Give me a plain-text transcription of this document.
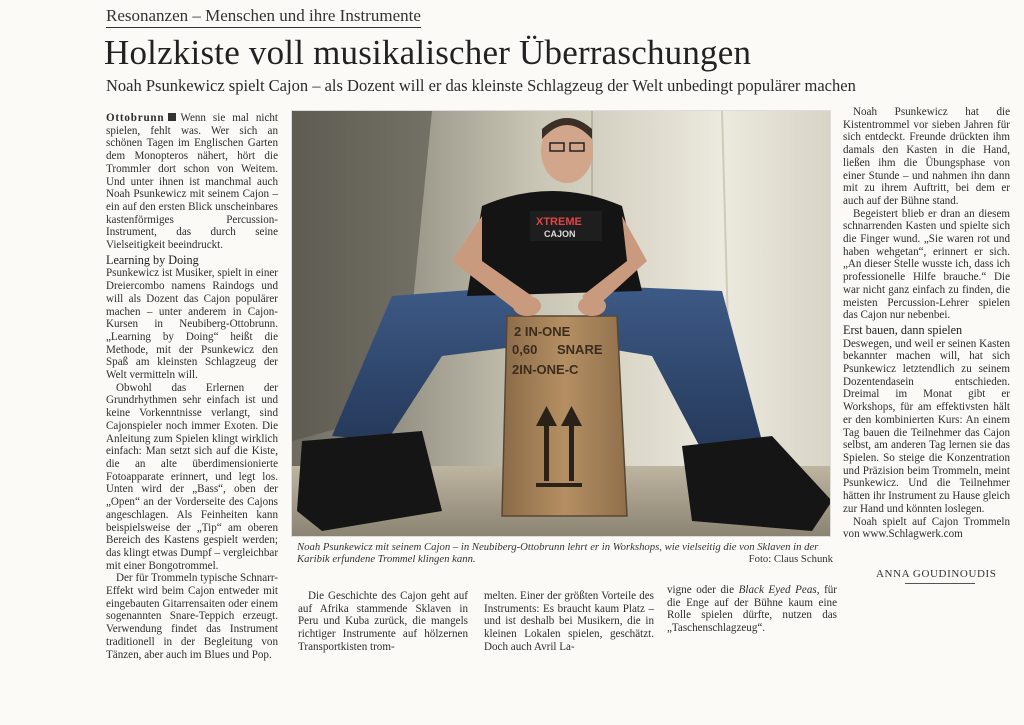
Resonanzen – Menschen und ihre Instrumente
Holzkiste voll musikalischer Überraschungen
Noah Psunkewicz spielt Cajon – als Dozent will er das kleinste Schlagzeug der Welt unbedingt populärer machen

Ottobrunn Wenn sie mal nicht spielen, fehlt was. Wer sich an schönen Tagen im Englischen Garten dem Monopteros nähert, hört die Trommler dort schon von Weitem. Und unter ihnen ist manchmal auch Noah Psunkewicz mit seinem Cajon – ein auf den ersten Blick unscheinbares kastenförmiges Percussion-Instrument, das durch seine Vielseitigkeit beeindruckt.

Learning by Doing

Psunkewicz ist Musiker, spielt in einer Dreiercombo namens Raindogs und will als Dozent das Cajon populärer machen – unter anderem in Cajon-Kursen in Neubiberg-Ottobrunn. „Learning by Doing“ heißt die Methode, mit der Psunkewicz den Spaß am kleinsten Schlagzeug der Welt vermitteln will.

Obwohl das Erlernen der Grundrhythmen sehr einfach ist und keine Vorkenntnisse verlangt, sind Cajonspieler noch immer Exoten. Die Anleitung zum Spielen klingt wirklich einfach: Man setzt sich auf die Kiste, die an alte überdimensionierte Fotoapparate erinnert, und legt los. Unten wird der „Bass“, oben der „Open“ an der Vorderseite des Cajons angeschlagen. Als Feinheiten kann beispielsweise der „Tip“ am oberen Bereich des Kastens gespielt werden; das klingt etwas Dumpf – vergleichbar mit einer Bongotrommel.

Der für Trommeln typische Schnarr-Effekt wird beim Cajon entweder mit eingebauten Gitarrensaiten oder einem sogenannten Snare-Teppich erzeugt. Verwendung findet das Instrument traditionell in der Begleitung von Tänzen, aber auch im Blues und Pop.

XTREME
CAJON
2 IN-ONE
SNARE
0,60
2IN-ONE-C
Noah Psunkewicz mit seinem Cajon – in Neubiberg-Ottobrunn lehrt er in Workshops, wie vielseitig die von Sklaven in der Karibik erfundene Trommel klingen kann.	Foto: Claus Schunk

Die Geschichte des Cajon geht auf auf Afrika stammende Sklaven in Peru und Kuba zurück, die mangels richtiger Instrumente auf hölzernen Transportkisten trom-

melten. Einer der größten Vorteile des Instruments: Es braucht kaum Platz – und ist deshalb bei Musikern, die in kleinen Lokalen spielen, geschätzt. Doch auch Avril La-

vigne oder die Black Eyed Peas, für die Enge auf der Bühne kaum eine Rolle spielen dürfte, nutzen das „Taschenschlagzeug“.

Noah Psunkewicz hat die Kistentrommel vor sieben Jahren für sich entdeckt. Freunde drückten ihm damals den Kasten in die Hand, ließen ihm die Übungsphase von einer Stunde – und nahmen ihn dann mit zu ihrem Auftritt, bei dem er auch auf der Bühne stand.

Begeistert blieb er dran an diesem schnarrenden Kasten und spielte sich die Finger wund. „Sie waren rot und haben wehgetan“, erinnert er sich. „An dieser Stelle wusste ich, dass ich professionelle Hilfe brauche.“ Die war nicht ganz einfach zu finden, die meisten Percussion-Lehrer spielen das Cajon nur nebenbei.

Erst bauen, dann spielen

Deswegen, und weil er seinen Kasten bekannter machen will, hat sich Psunkewicz letztendlich zu seinem Dozentendasein entschieden. Dreimal im Monat gibt er Workshops, für am effektivsten hält er den kombinierten Kurs: An einem Tag bauen die Teilnehmer das Cajon selbst, am anderen Tag lernen sie das Spielen. So steige die Konzentration und Präzision beim Trommeln, meint Psunkewicz. Und die Teilnehmer hätten ihr Instrument zu Hause gleich zur Hand und könnten loslegen.

Noah spielt auf Cajon Trommeln von www.Schlagwerk.com

ANNA GOUDINOUDIS
